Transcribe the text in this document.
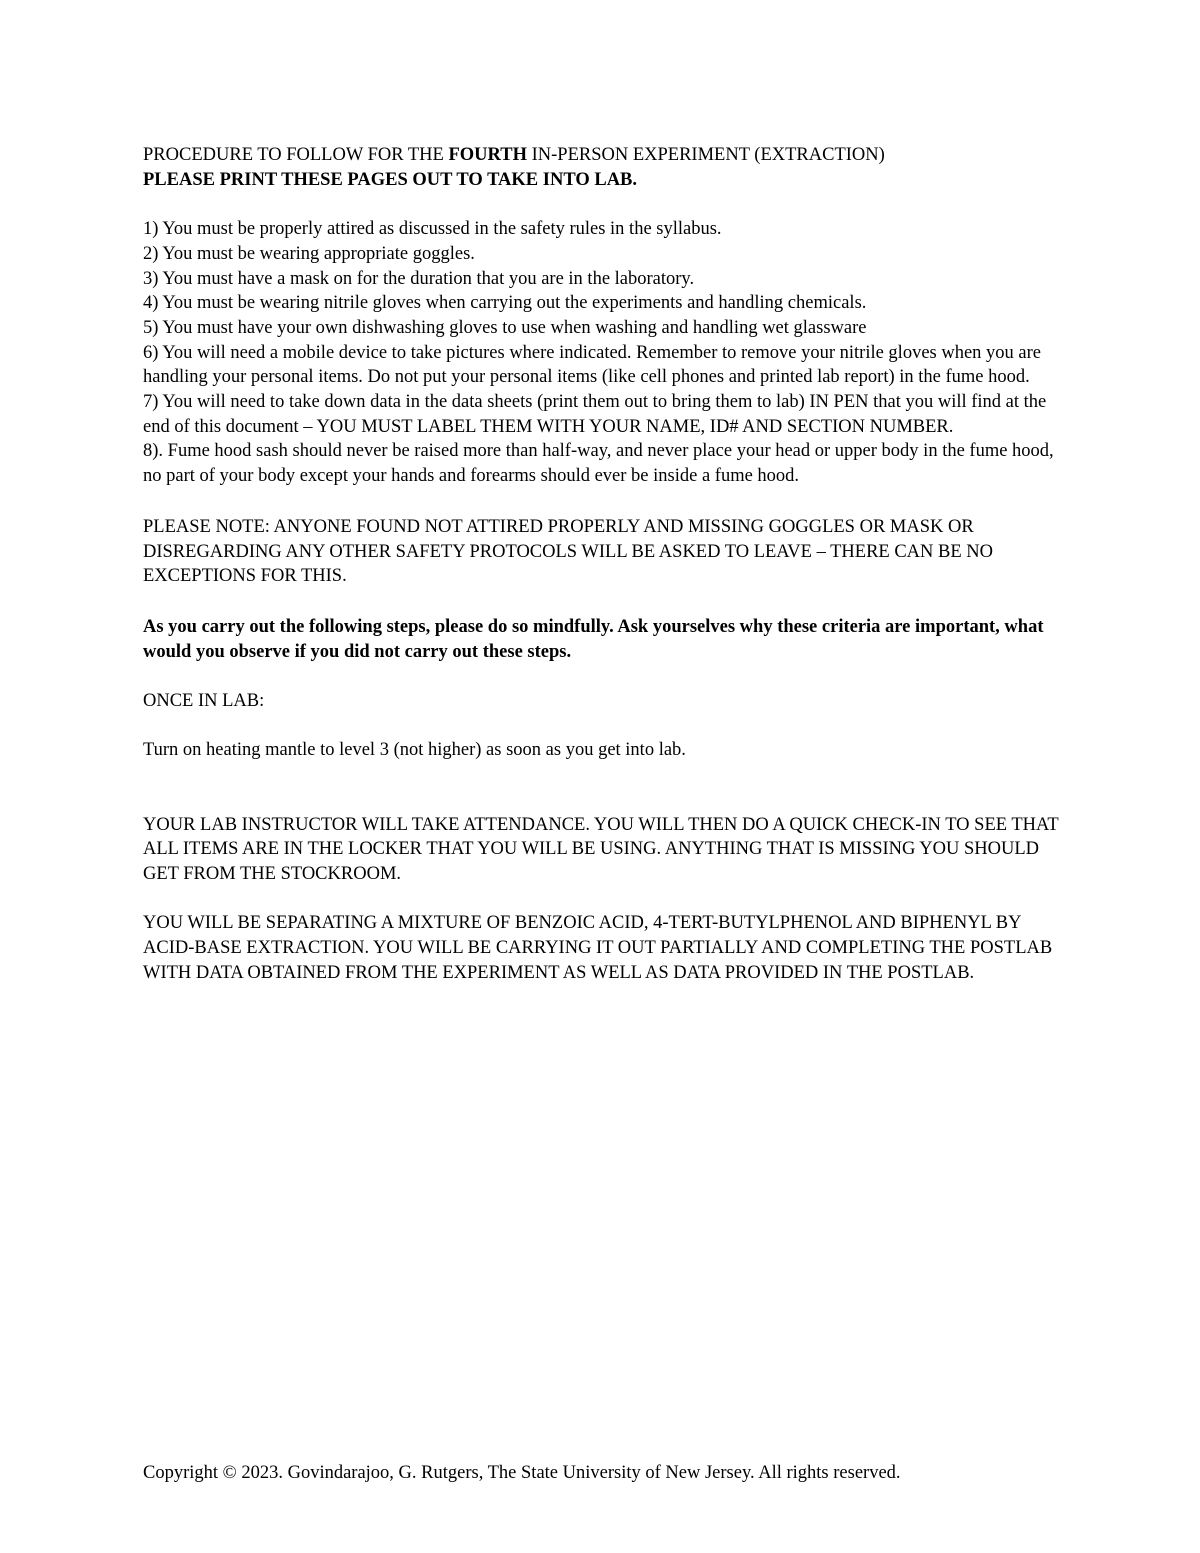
PROCEDURE TO FOLLOW FOR THE FOURTH IN-PERSON EXPERIMENT (EXTRACTION)

PLEASE PRINT THESE PAGES OUT TO TAKE INTO LAB.

1) You must be properly attired as discussed in the safety rules in the syllabus.

2) You must be wearing appropriate goggles.

3) You must have a mask on for the duration that you are in the laboratory.

4) You must be wearing nitrile gloves when carrying out the experiments and handling chemicals.

5) You must have your own dishwashing gloves to use when washing and handling wet glassware

6) You will need a mobile device to take pictures where indicated. Remember to remove your nitrile gloves when you are handling your personal items. Do not put your personal items (like cell phones and printed lab report) in the fume hood.

7) You will need to take down data in the data sheets (print them out to bring them to lab) IN PEN that you will find at the end of this document – YOU MUST LABEL THEM WITH YOUR NAME, ID# AND SECTION NUMBER.

8). Fume hood sash should never be raised more than half-way, and never place your head or upper body in the fume hood, no part of your body except your hands and forearms should ever be inside a fume hood.

PLEASE NOTE: ANYONE FOUND NOT ATTIRED PROPERLY AND MISSING GOGGLES OR MASK OR DISREGARDING ANY OTHER SAFETY PROTOCOLS WILL BE ASKED TO LEAVE – THERE CAN BE NO EXCEPTIONS FOR THIS.

As you carry out the following steps, please do so mindfully. Ask yourselves why these criteria are important, what would you observe if you did not carry out these steps.

ONCE IN LAB:

Turn on heating mantle to level 3 (not higher) as soon as you get into lab.

YOUR LAB INSTRUCTOR WILL TAKE ATTENDANCE. YOU WILL THEN DO A QUICK CHECK-IN TO SEE THAT ALL ITEMS ARE IN THE LOCKER THAT YOU WILL BE USING. ANYTHING THAT IS MISSING YOU SHOULD GET FROM THE STOCKROOM.

YOU WILL BE SEPARATING A MIXTURE OF BENZOIC ACID, 4-TERT-BUTYLPHENOL AND BIPHENYL BY ACID-BASE EXTRACTION. YOU WILL BE CARRYING IT OUT PARTIALLY AND COMPLETING THE POSTLAB WITH DATA OBTAINED FROM THE EXPERIMENT AS WELL AS DATA PROVIDED IN THE POSTLAB.

Copyright © 2023. Govindarajoo, G. Rutgers, The State University of New Jersey. All rights reserved.
